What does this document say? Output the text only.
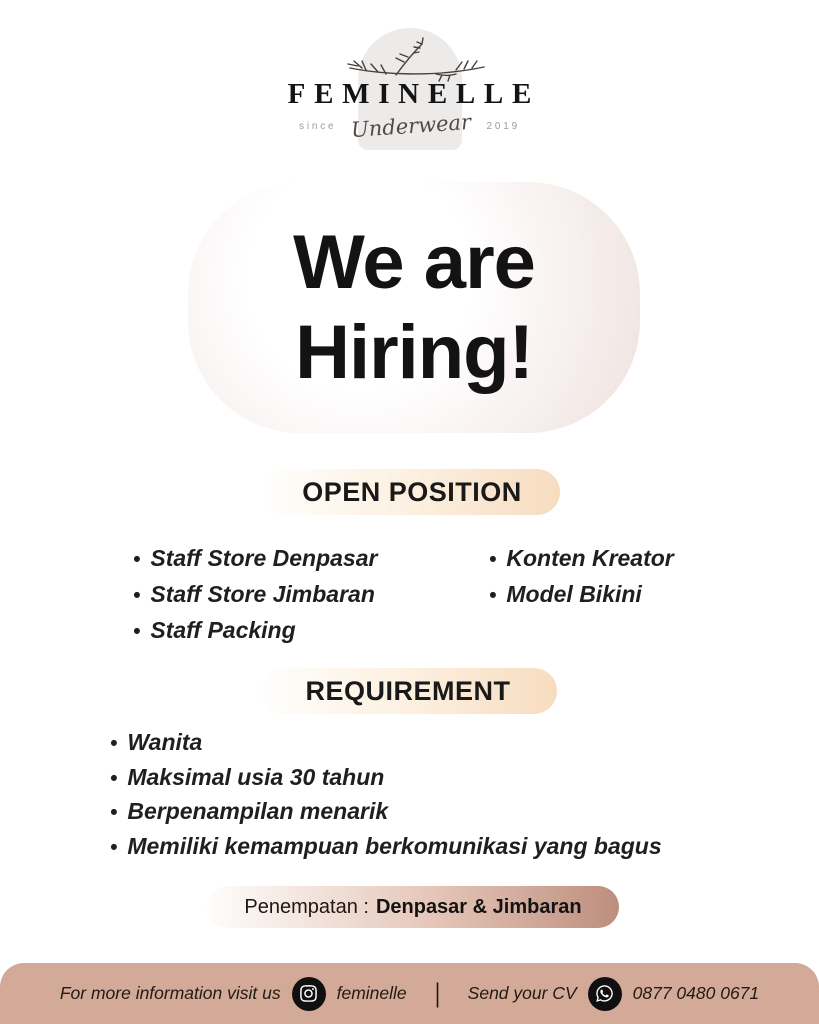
FEMINELLE
since Underwear 2019
We are
Hiring!
OPEN POSITION
• Staff Store Denpasar
• Staff Store Jimbaran
• Staff Packing
• Konten Kreator
• Model Bikini
REQUIREMENT
• Wanita
• Maksimal usia 30 tahun
• Berpenampilan menarik
• Memiliki kemampuan berkomunikasi yang bagus
Penempatan : Denpasar & Jimbaran
For more information visit us	feminelle | Send your CV	0877 0480 0671
